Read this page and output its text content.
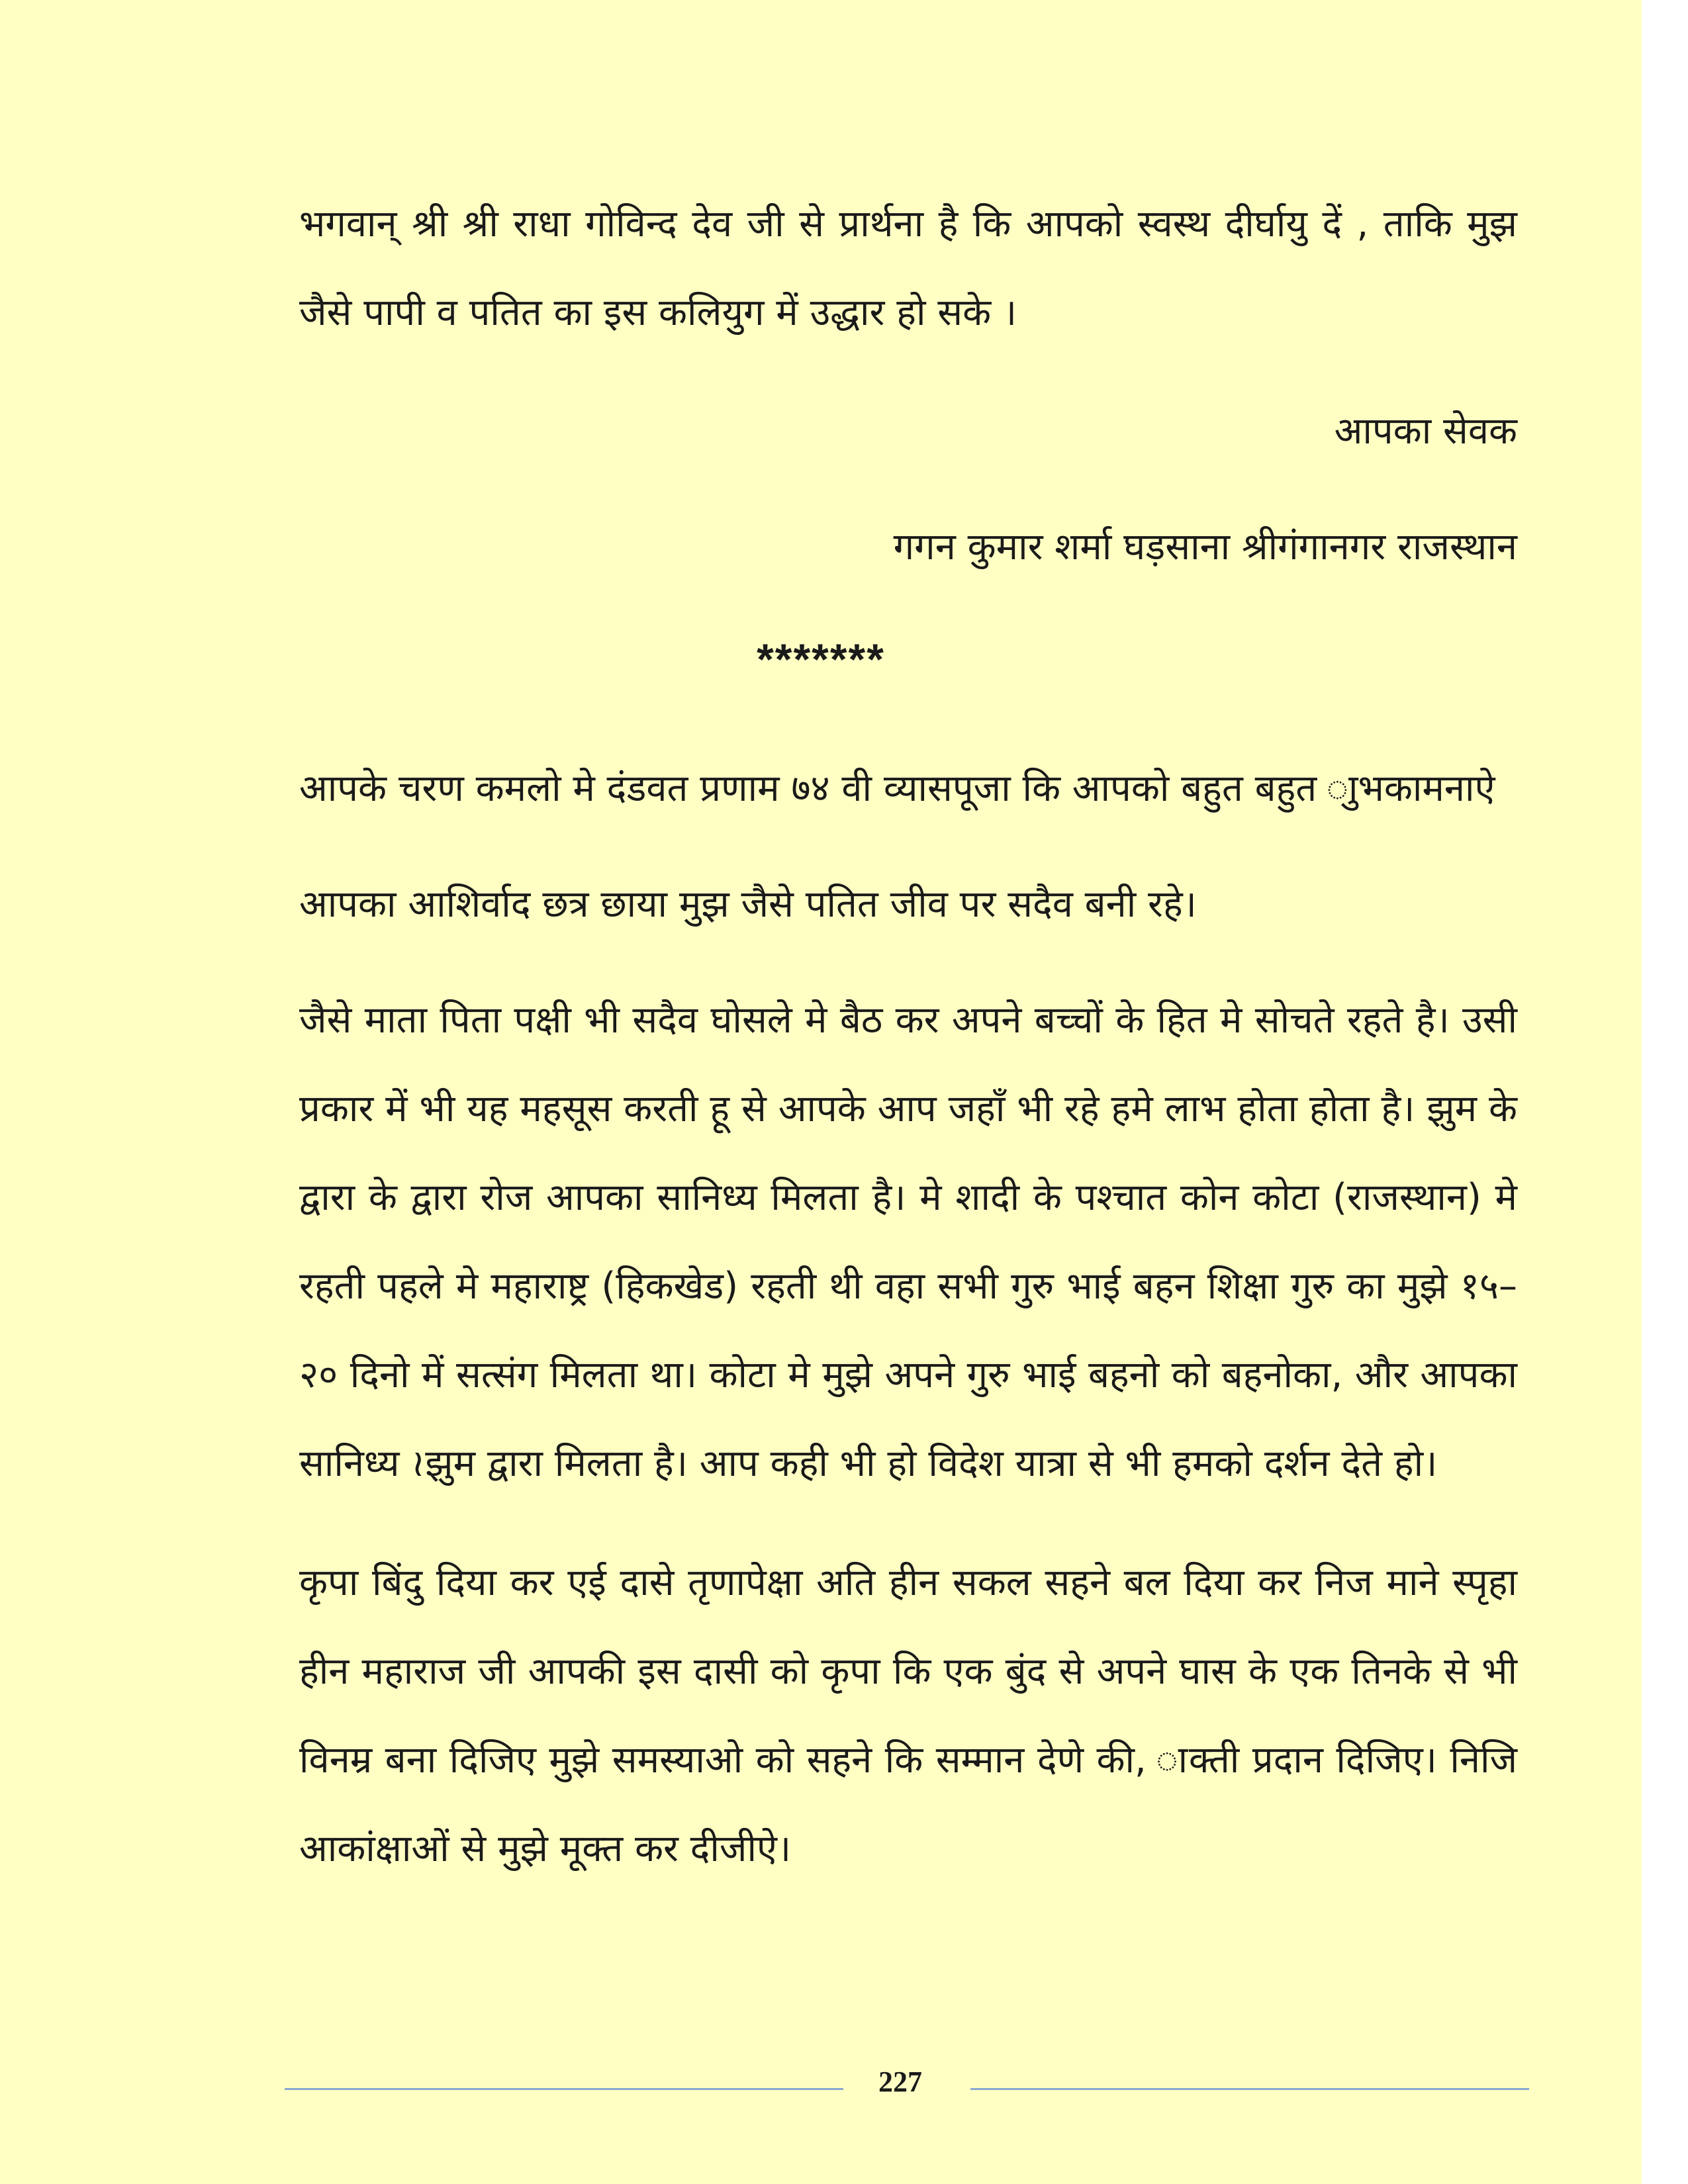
भगवान् श्री श्री राधा गोविन्द देव जी से प्रार्थना है कि आपको स्वस्थ दीर्घायु दें , ताकि मुझ जैसे पापी व पतित का इस कलियुग में उद्धार हो सके ।

आपका सेवक
गगन कुमार शर्मा घड़साना श्रीगंगानगर राजस्थान
*******

आपके चरण कमलो मे दंडवत प्रणाम ७४ वी व्यासपूजा कि आपको बहुत बहुत ाुभकामनाऐ

आपका आशिर्वाद छत्र छाया मुझ जैसे पतित जीव पर सदैव बनी रहे।

जैसे माता पिता पक्षी भी सदैव घोसले मे बैठ कर अपने बच्चों के हित मे सोचते रहते है। उसी प्रकार में भी यह महसूस करती हू से आपके आप जहाँ भी रहे हमे लाभ होता होता है। झुम के द्वारा के द्वारा रोज आपका सानिध्य मिलता है। मे शादी के पश्चात कोन कोटा (राजस्थान) मे रहती पहले मे महाराष्ट्र (हिकखेड) रहती थी वहा सभी गुरु भाई बहन शिक्षा गुरु का मुझे १५–२० दिनो में सत्संग मिलता था। कोटा मे मुझे अपने गुरु भाई बहनो को बहनोका, और आपका सानिध्य ≀झुम द्वारा मिलता है। आप कही भी हो विदेश यात्रा से भी हमको दर्शन देते हो।

कृपा बिंदु दिया कर एई दासे तृणापेक्षा अति हीन सकल सहने बल दिया कर निज माने स्पृहा हीन महाराज जी आपकी इस दासी को कृपा कि एक बुंद से अपने घास के एक तिनके से भी विनम्र बना दिजिए मुझे समस्याओ को सहने कि सम्मान देणे की, ाक्ती प्रदान दिजिए। निजि आकांक्षाओं से मुझे मूक्त कर दीजीऐ।

227
